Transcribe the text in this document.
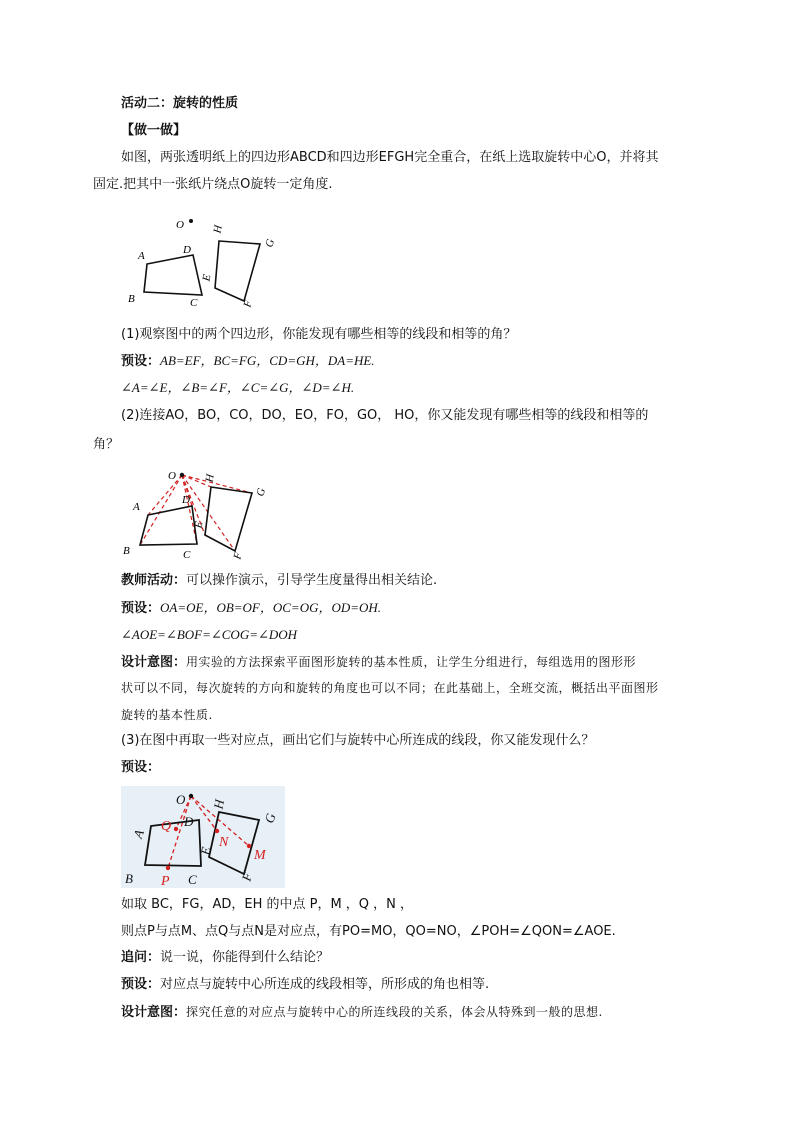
活动二：旋转的性质
【做一做】
如图，两张透明纸上的四边形ABCD和四边形EFGH完全重合，在纸上选取旋转中心O，并将其
固定.把其中一张纸片绕点O旋转一定角度.
O
A	D
B	C
H
G
E
F
(1)观察图中的两个四边形，你能发现有哪些相等的线段和相等的角？
预设：AB=EF，BC=FG，CD=GH，DA=HE.
∠A=∠E，∠B=∠F，∠C=∠G，∠D=∠H.
(2)连接AO，BO，CO，DO，EO，FO，GO， HO，你又能发现有哪些相等的线段和相等的
角？
O
A
D
B	C
H
G
E
F
教师活动：可以操作演示，引导学生度量得出相关结论.
预设：OA=OE，OB=OF，OC=OG，OD=OH.
∠AOE=∠BOF=∠COG=∠DOH
设计意图：用实验的方法探索平面图形旋转的基本性质，让学生分组进行，每组选用的图形形
状可以不同，每次旋转的方向和旋转的角度也可以不同；在此基础上，全班交流，概括出平面图形
旋转的基本性质.
(3)在图中再取一些对应点，画出它们与旋转中心所连成的线段，你又能发现什么？
预设：
O
A Q D
B P C
H
G
N
M
E
F
如取 BC，FG，AD，EH 的中点 P，M ，Q ，N ，
则点P与点M、点Q与点N是对应点，有PO=MO，QO=NO，∠POH=∠QON=∠AOE.
追问：说一说，你能得到什么结论？
预设：对应点与旋转中心所连成的线段相等，所形成的角也相等.
设计意图：探究任意的对应点与旋转中心的所连线段的关系，体会从特殊到一般的思想.
